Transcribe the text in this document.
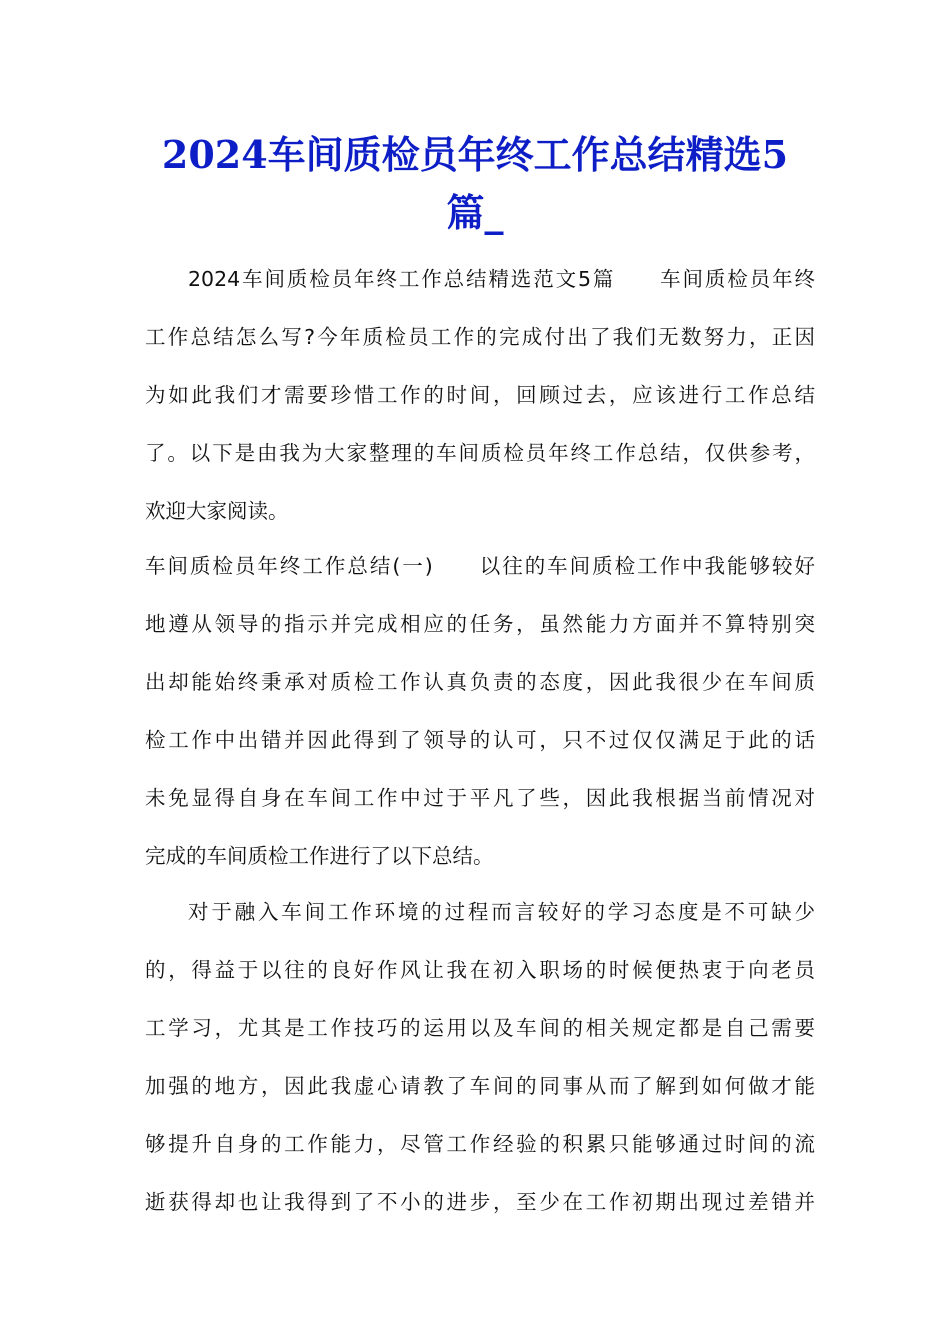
2024车间质检员年终工作总结精选5
篇_
2024车间质检员年终工作总结精选范文5篇　　车间质检员年终
工作总结怎么写?今年质检员工作的完成付出了我们无数努力，正因
为如此我们才需要珍惜工作的时间，回顾过去，应该进行工作总结
了。以下是由我为大家整理的车间质检员年终工作总结，仅供参考，
欢迎大家阅读。
车间质检员年终工作总结(一)　　以往的车间质检工作中我能够较好
地遵从领导的指示并完成相应的任务，虽然能力方面并不算特别突
出却能始终秉承对质检工作认真负责的态度，因此我很少在车间质
检工作中出错并因此得到了领导的认可，只不过仅仅满足于此的话
未免显得自身在车间工作中过于平凡了些，因此我根据当前情况对
完成的车间质检工作进行了以下总结。
对于融入车间工作环境的过程而言较好的学习态度是不可缺少
的，得益于以往的良好作风让我在初入职场的时候便热衷于向老员
工学习，尤其是工作技巧的运用以及车间的相关规定都是自己需要
加强的地方，因此我虚心请教了车间的同事从而了解到如何做才能
够提升自身的工作能力，尽管工作经验的积累只能够通过时间的流
逝获得却也让我得到了不小的进步，至少在工作初期出现过差错并
